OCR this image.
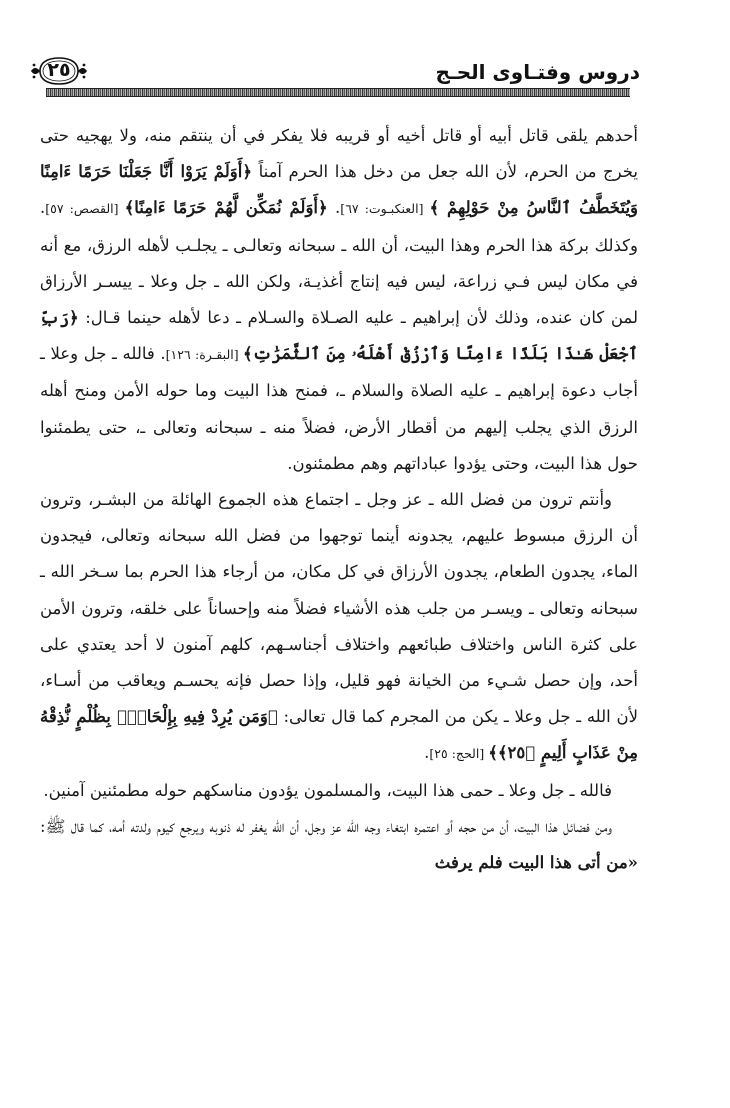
٢٥	دروس وفتـاوى الحـج

أحدهم يلقى قاتل أبيه أو قاتل أخيه أو قريبه فلا يفكر في أن ينتقم منه، ولا يهجيه حتى يخرج من الحرم، لأن الله جعل من دخل هذا الحرم آمناً ﴿أَوَلَمْ يَرَوْا أَنَّا جَعَلْنَا حَرَمًا ءَامِنًا وَيُتَخَطَّفُ ٱلنَّاسُ مِنْ حَوْلِهِمْ ﴾ [العنكبـوت: ٦٧]. ﴿أَوَلَمْ نُمَكِّن لَّهُمْ حَرَمًا ءَامِنًا﴾ [القصص: ٥٧]. وكذلك بركة هذا الحرم وهذا البيت، أن الله ـ سبحانه وتعالـى ـ يجلـب لأهله الرزق، مع أنه في مكان ليس فـي زراعة، ليس فيه إنتاج أغذيـة، ولكن الله ـ جل وعلا ـ ييسـر الأرزاق لمن كان عنده، وذلك لأن إبراهيم ـ عليه الصـلاة والسـلام ـ دعا لأهله حينما قـال: ﴿رَبِّ ٱجْعَلْ هَـٰذَا بَلَدًا ءَامِنًا وَٱرْزُقْ أَهْلَهُۥ مِنَ ٱلثَّمَرَٰتِ﴾ [البقـرة: ١٢٦]. فالله ـ جل وعلا ـ أجاب دعوة إبراهيم ـ عليه الصلاة والسلام ـ، فمنح هذا البيت وما حوله الأمن ومنح أهله الرزق الذي يجلب إليهم من أقطار الأرض، فضلاً منه ـ سبحانه وتعالى ـ، حتى يطمئنوا حول هذا البيت، وحتى يؤدوا عباداتهم وهم مطمئنون.

وأنتم ترون من فضل الله ـ عز وجل ـ اجتماع هذه الجموع الهائلة من البشـر، وترون أن الرزق مبسوط عليهم، يجدونه أينما توجهوا من فضل الله سبحانه وتعالى، فيجدون الماء، يجدون الطعام، يجدون الأرزاق في كل مكان، من أرجاء هذا الحرم بما سـخر الله ـ سبحانه وتعالى ـ ويسـر من جلب هذه الأشياء فضلاً منه وإحساناً على خلقه، وترون الأمن على كثرة الناس واختلاف طبائعهم واختلاف أجناسـهم، كلهم آمنون لا أحد يعتدي على أحد، وإن حصل شـيء من الخيانة فهو قليل، وإذا حصل فإنه يحسـم ويعاقب من أسـاء، لأن الله ـ جل وعلا ـ يكن من المجرم كما قال تعالى: ﴿وَمَن يُرِدْ فِيهِ بِإِلْحَادٍۭ بِظُلْمٍ نُّذِقْهُ مِنْ عَذَابٍ أَلِيمٍ ﴿٢٥﴾﴾ [الحج: ٢٥].

فالله ـ جل وعلا ـ حمى هذا البيت، والمسلمون يؤدون مناسكهم حوله مطمئنين آمنين.

ومن فضائل هذا البيت، أن من حجه أو اعتمره ابتغاء وجه الله عز وجل، أن الله يغفر له ذنوبه ويرجع كيوم ولدته أمه، كما قال ﷺ: «من أتى هذا البيت فلم يرفث
